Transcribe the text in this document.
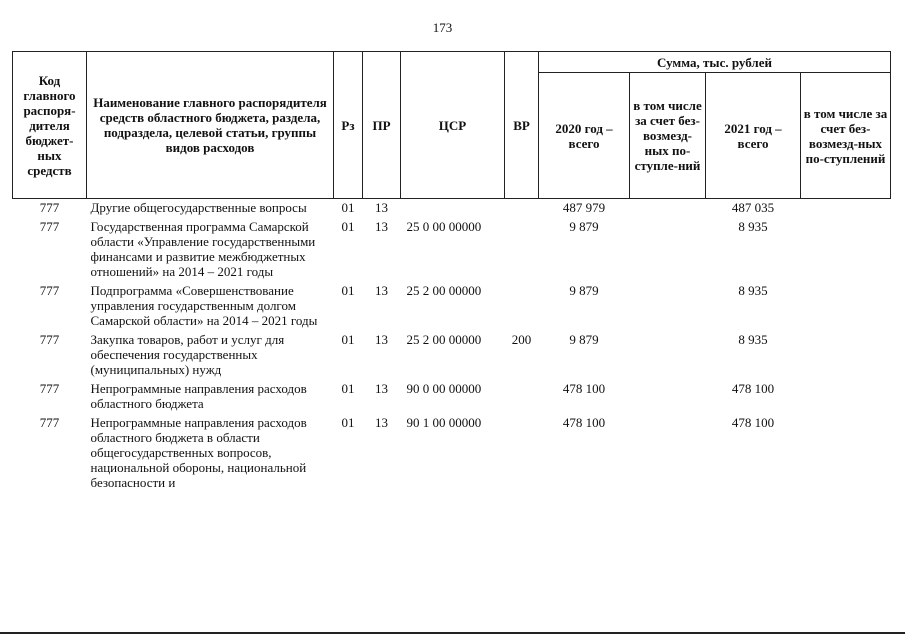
173
Код главного распоря-дителя бюджет-ных средств	Наименование главного распорядителя средств областного бюджета, раздела, подраздела, целевой статьи, группы видов расходов	Рз	ПР	ЦСР	ВР	Сумма, тыс. рублей			
						2020 год – всего	в том числе за счет без-возмезд-ных по-ступле-ний	2021 год – всего	в том числе за счет без-возмезд-ных по-ступлений
777	Другие общегосударственные вопросы	01	13			487 979		487 035	
777	Государственная программа Самарской области «Управление государственными финансами и развитие межбюджетных отношений» на 2014 – 2021 годы	01	13	25 0 00 00000		9 879		8 935	
777	Подпрограмма «Совершенствование управления государственным долгом Самарской области» на 2014 – 2021 годы	01	13	25 2 00 00000		9 879		8 935	
777	Закупка товаров, работ и услуг для обеспечения государственных (муниципальных) нужд	01	13	25 2 00 00000	200	9 879		8 935	
777	Непрограммные направления расходов областного бюджета	01	13	90 0 00 00000		478 100		478 100	
777	Непрограммные направления расходов областного бюджета в области общегосударственных вопросов, национальной обороны, национальной безопасности и	01	13	90 1 00 00000		478 100		478 100	
